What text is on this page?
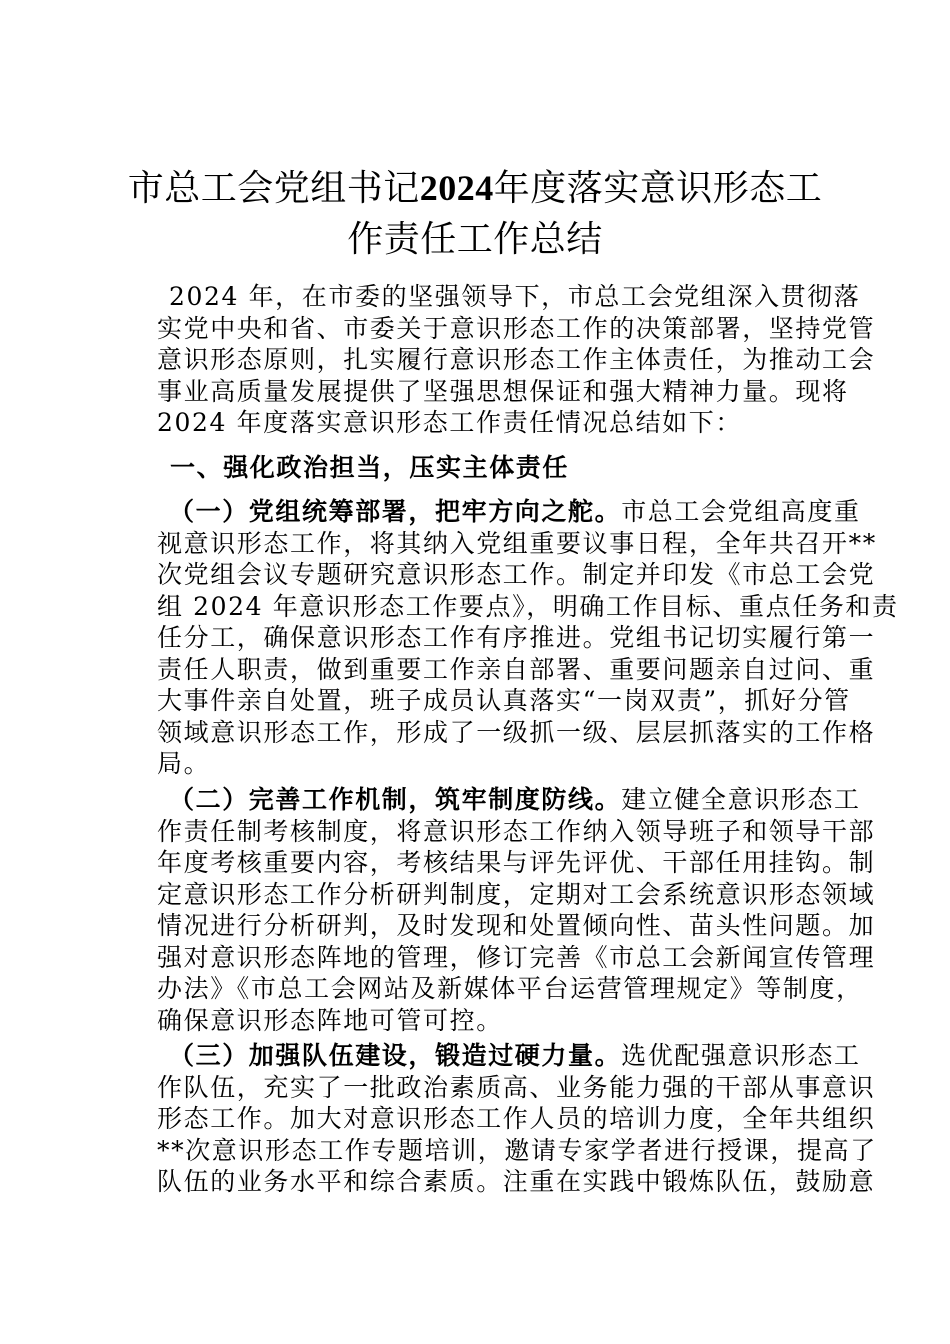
市总工会党组书记2024年度落实意识形态工
作责任工作总结
2024 年，在市委的坚强领导下，市总工会党组深入贯彻落
实党中央和省、市委关于意识形态工作的决策部署，坚持党管
意识形态原则，扎实履行意识形态工作主体责任，为推动工会
事业高质量发展提供了坚强思想保证和强大精神力量。现将
2024 年度落实意识形态工作责任情况总结如下：
一、强化政治担当，压实主体责任
（一）党组统筹部署，把牢方向之舵。市总工会党组高度重
视意识形态工作，将其纳入党组重要议事日程，全年共召开**
次党组会议专题研究意识形态工作。制定并印发《市总工会党
组 2024 年意识形态工作要点》，明确工作目标、重点任务和责
任分工，确保意识形态工作有序推进。党组书记切实履行第一
责任人职责，做到重要工作亲自部署、重要问题亲自过问、重
大事件亲自处置，班子成员认真落实“一岗双责”，抓好分管
领域意识形态工作，形成了一级抓一级、层层抓落实的工作格
局。
（二）完善工作机制，筑牢制度防线。建立健全意识形态工
作责任制考核制度，将意识形态工作纳入领导班子和领导干部
年度考核重要内容，考核结果与评先评优、干部任用挂钩。制
定意识形态工作分析研判制度，定期对工会系统意识形态领域
情况进行分析研判，及时发现和处置倾向性、苗头性问题。加
强对意识形态阵地的管理，修订完善《市总工会新闻宣传管理
办法》《市总工会网站及新媒体平台运营管理规定》等制度，
确保意识形态阵地可管可控。
（三）加强队伍建设，锻造过硬力量。选优配强意识形态工
作队伍，充实了一批政治素质高、业务能力强的干部从事意识
形态工作。加大对意识形态工作人员的培训力度，全年共组织
**次意识形态工作专题培训，邀请专家学者进行授课，提高了
队伍的业务水平和综合素质。注重在实践中锻炼队伍，鼓励意
